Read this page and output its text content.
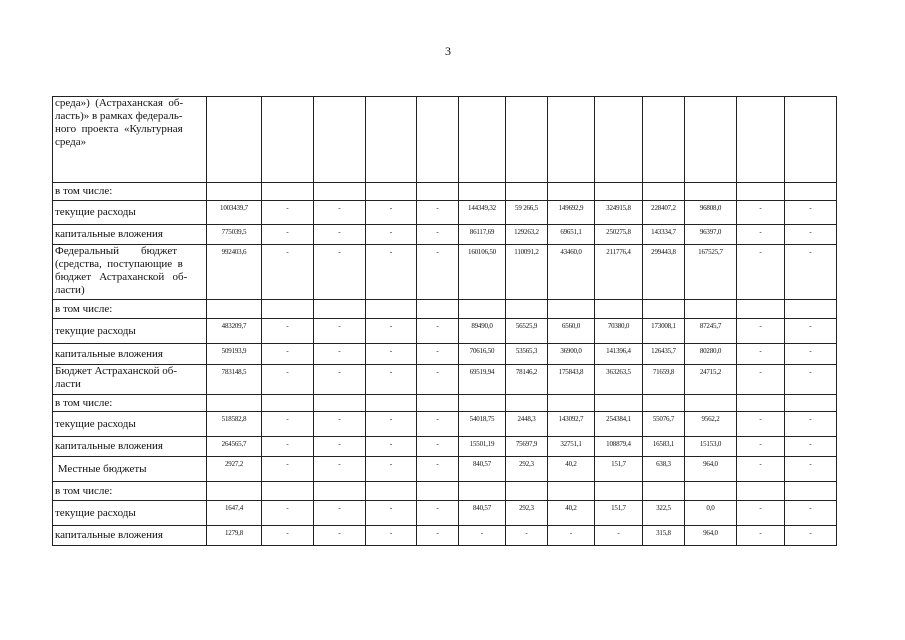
3
среда»)  (Астраханская  об-
ласть)» в рамках федераль-
ного  проекта  «Культурная
среда»													

в том числе:													

текущие расходы	1003439,7	-	-	-	-	144349,32	59 266,5	149692,9	324915,8	228407,2	96808,0	-	-

капитальные вложения	775039,5	-	-	-	-	86117,69	129263,2	69651,1	250275,8	143334,7	96397,0	-	-

Федеральный        бюджет
(средства,  поступающие  в
бюджет   Астраханской   об-
ласти)	992403,6	-	-	-	-	160106,50	110091,2	43460,0	211776,4	299443,8	167525,7	-	-

в том числе:													

текущие расходы	483209,7	-	-	-	-	89490,0	56525,9	6560,0	70380,0	173008,1	87245,7	-	-

капитальные вложения	509193,9	-	-	-	-	70616,50	53565,3	36900,0	141396,4	126435,7	80280,0	-	-

Бюджет Астраханской об-
ласти	783148,5	-	-	-	-	69519,94	78146,2	175843,8	363263,5	71659,8	24715,2	-	-

в том числе:													

текущие расходы	518582,8	-	-	-	-	54018,75	2448,3	143092,7	254384,1	55076,7	9562,2	-	-

капитальные вложения	264565,7	-	-	-	-	15501,19	75697,9	32751,1	108879,4	16583,1	15153,0	-	-

Местные бюджеты	2927,2	-	-	-	-	840,57	292,3	40,2	151,7	638,3	964,0	-	-

в том числе:													

текущие расходы	1647,4	-	-	-	-	840,57	292,3	40,2	151,7	322,5	0,0	-	-

капитальные вложения	1279,8	-	-	-	-	-	-	-	-	315,8	964,0	-	-
